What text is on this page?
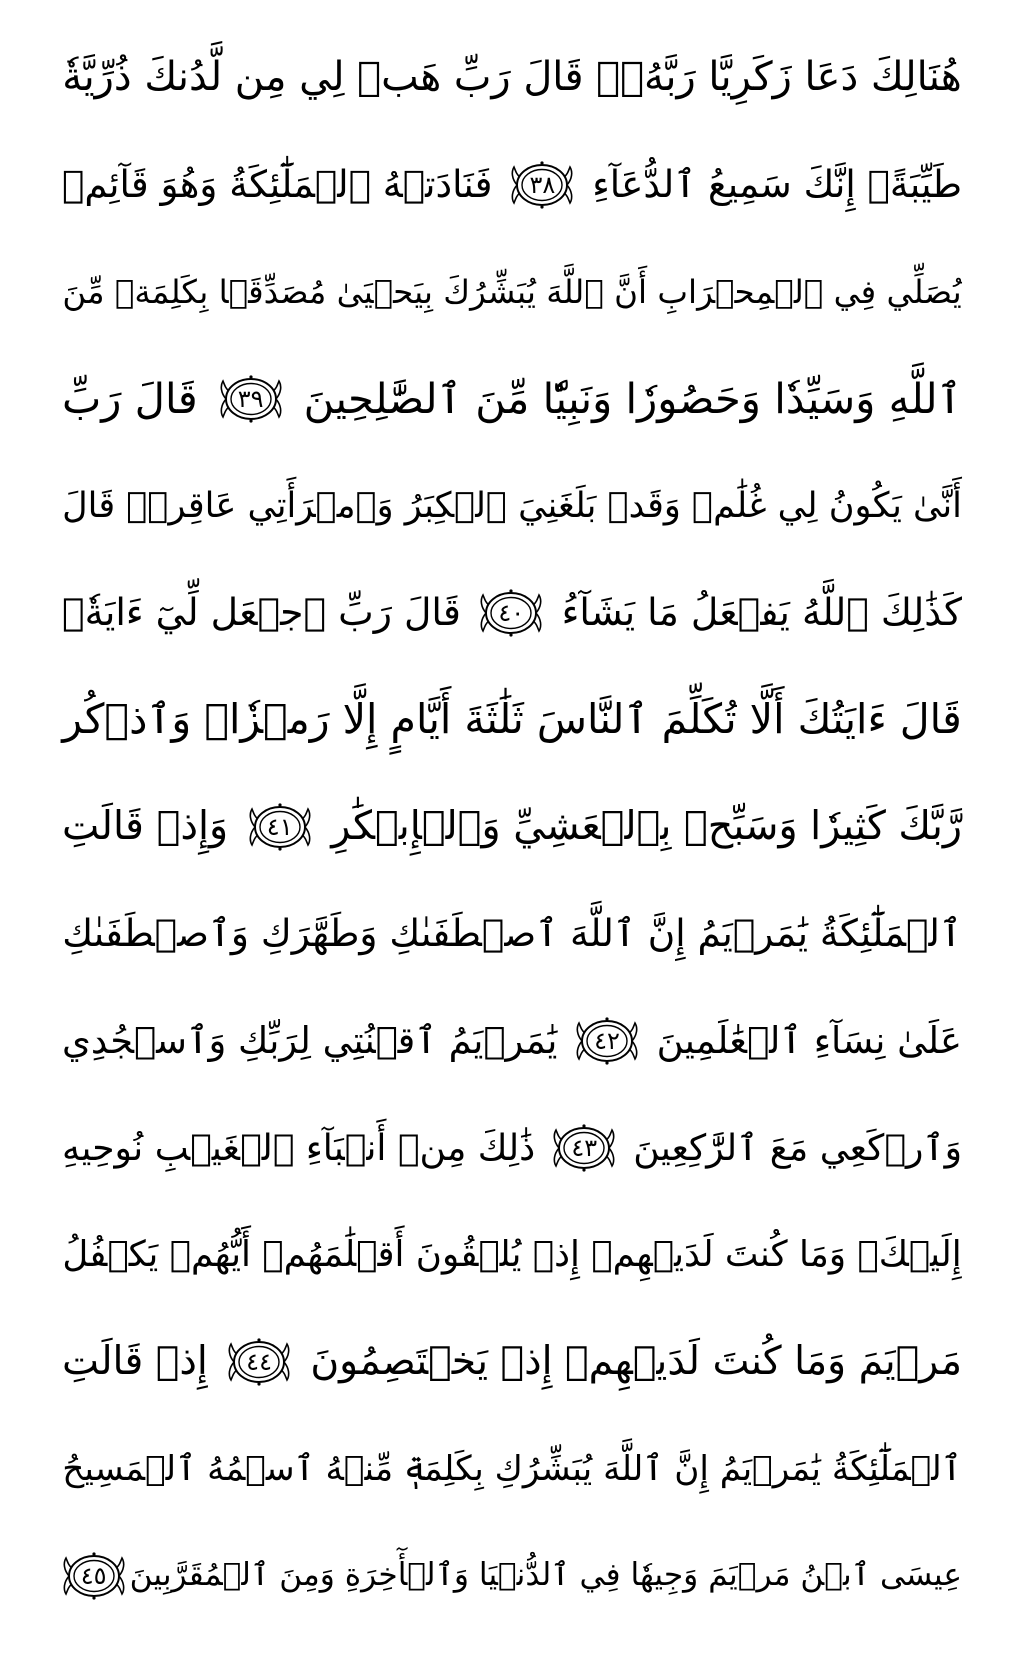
هُنَالِكَ دَعَا زَكَرِيَّا رَبَّهُۥۖ قَالَ رَبِّ هَبۡ لِي مِن لَّدُنكَ ذُرِّيَّةٗ
طَيِّبَةًۖ إِنَّكَ سَمِيعُ ٱلدُّعَآءِ
٣٨
فَنَادَتۡهُ ٱلۡمَلَٰٓئِكَةُ وَهُوَ قَآئِمٞ
يُصَلِّي فِي ٱلۡمِحۡرَابِ أَنَّ ٱللَّهَ يُبَشِّرُكَ بِيَحۡيَىٰ مُصَدِّقَۢا بِكَلِمَةٖ مِّنَ
ٱللَّهِ وَسَيِّدٗا وَحَصُورٗا وَنَبِيّٗا مِّنَ ٱلصَّٰلِحِينَ
٣٩
قَالَ رَبِّ
أَنَّىٰ يَكُونُ لِي غُلَٰمٞ وَقَدۡ بَلَغَنِيَ ٱلۡكِبَرُ وَٱمۡرَأَتِي عَاقِرٞۖ قَالَ
كَذَٰلِكَ ٱللَّهُ يَفۡعَلُ مَا يَشَآءُ
٤٠
قَالَ رَبِّ ٱجۡعَل لِّيٓ ءَايَةٗۖ
قَالَ ءَايَتُكَ أَلَّا تُكَلِّمَ ٱلنَّاسَ ثَلَٰثَةَ أَيَّامٍ إِلَّا رَمۡزٗاۗ وَٱذۡكُر
رَّبَّكَ كَثِيرٗا وَسَبِّحۡ بِٱلۡعَشِيِّ وَٱلۡإِبۡكَٰرِ
٤١
وَإِذۡ قَالَتِ
ٱلۡمَلَٰٓئِكَةُ يَٰمَرۡيَمُ إِنَّ ٱللَّهَ ٱصۡطَفَىٰكِ وَطَهَّرَكِ وَٱصۡطَفَىٰكِ
عَلَىٰ نِسَآءِ ٱلۡعَٰلَمِينَ
٤٢
يَٰمَرۡيَمُ ٱقۡنُتِي لِرَبِّكِ وَٱسۡجُدِي
وَٱرۡكَعِي مَعَ ٱلرَّٰكِعِينَ
٤٣
ذَٰلِكَ مِنۡ أَنۢبَآءِ ٱلۡغَيۡبِ نُوحِيهِ
إِلَيۡكَۚ وَمَا كُنتَ لَدَيۡهِمۡ إِذۡ يُلۡقُونَ أَقۡلَٰمَهُمۡ أَيُّهُمۡ يَكۡفُلُ
مَرۡيَمَ وَمَا كُنتَ لَدَيۡهِمۡ إِذۡ يَخۡتَصِمُونَ
٤٤
إِذۡ قَالَتِ
ٱلۡمَلَٰٓئِكَةُ يَٰمَرۡيَمُ إِنَّ ٱللَّهَ يُبَشِّرُكِ بِكَلِمَةٖ مِّنۡهُ ٱسۡمُهُ ٱلۡمَسِيحُ
عِيسَى ٱبۡنُ مَرۡيَمَ وَجِيهٗا فِي ٱلدُّنۡيَا وَٱلۡأٓخِرَةِ وَمِنَ ٱلۡمُقَرَّبِينَ
٤٥
